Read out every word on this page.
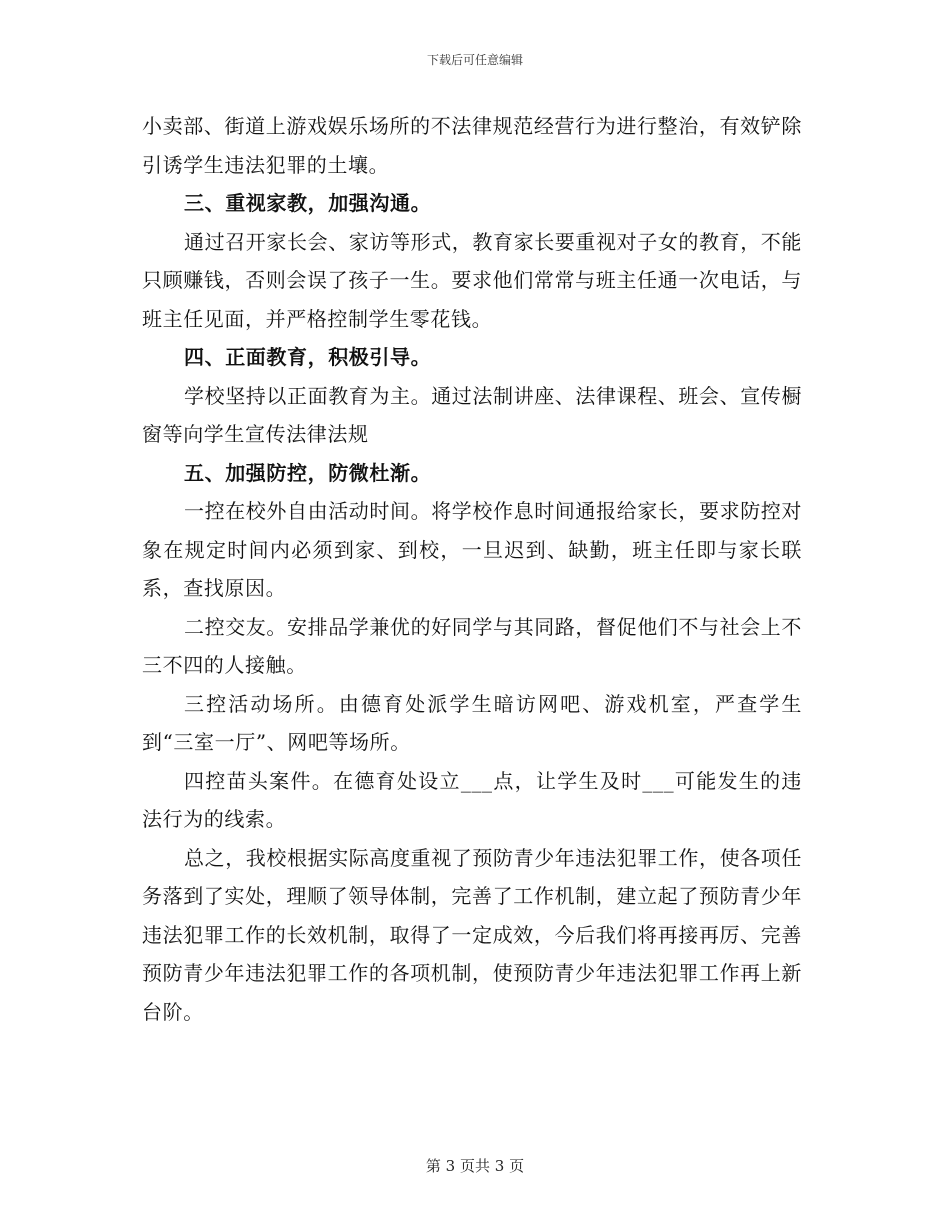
下载后可任意编辑

小卖部、街道上游戏娱乐场所的不法律规范经营行为进行整治，有效铲除引诱学生违法犯罪的土壤。

三、重视家教，加强沟通。

通过召开家长会、家访等形式，教育家长要重视对子女的教育，不能只顾赚钱，否则会误了孩子一生。要求他们常常与班主任通一次电话，与班主任见面，并严格控制学生零花钱。

四、正面教育，积极引导。

学校坚持以正面教育为主。通过法制讲座、法律课程、班会、宣传橱窗等向学生宣传法律法规

五、加强防控，防微杜渐。

一控在校外自由活动时间。将学校作息时间通报给家长，要求防控对象在规定时间内必须到家、到校，一旦迟到、缺勤，班主任即与家长联系，查找原因。

二控交友。安排品学兼优的好同学与其同路，督促他们不与社会上不三不四的人接触。

三控活动场所。由德育处派学生暗访网吧、游戏机室，严查学生到“三室一厅”、网吧等场所。

四控苗头案件。在德育处设立___点，让学生及时___可能发生的违法行为的线索。

总之，我校根据实际高度重视了预防青少年违法犯罪工作，使各项任务落到了实处，理顺了领导体制，完善了工作机制，建立起了预防青少年违法犯罪工作的长效机制，取得了一定成效，今后我们将再接再厉、完善预防青少年违法犯罪工作的各项机制，使预防青少年违法犯罪工作再上新台阶。

第 3 页共 3 页
